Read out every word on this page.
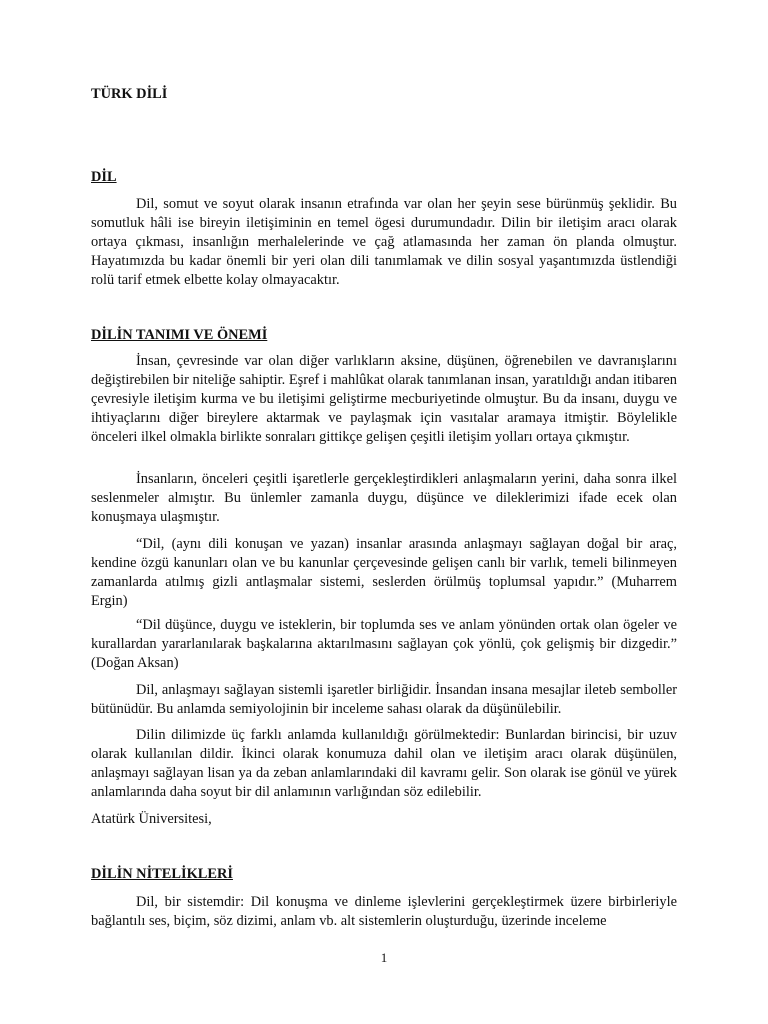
TÜRK DİLİ
DİL

Dil, somut ve soyut olarak insanın etrafında var olan her şeyin sese bürünmüş şeklidir. Bu somutluk hâli ise bireyin iletişiminin en temel ögesi durumundadır. Dilin bir iletişim aracı olarak ortaya çıkması, insanlığın merhalelerinde ve çağ atlamasında her zaman ön planda olmuştur. Hayatımızda bu kadar önemli bir yeri olan dili tanımlamak ve dilin sosyal yaşantımızda üstlendiği rolü tarif etmek elbette kolay olmayacaktır.

DİLİN TANIMI VE ÖNEMİ

İnsan, çevresinde var olan diğer varlıkların aksine, düşünen, öğrenebilen ve davranışlarını değiştirebilen bir niteliğe sahiptir. Eşref i mahlûkat olarak tanımlanan insan, yaratıldığı andan itibaren çevresiyle iletişim kurma ve bu iletişimi geliştirme mecburiyetinde olmuştur. Bu da insanı, duygu ve ihtiyaçlarını diğer bireylere aktarmak ve paylaşmak için vasıtalar aramaya itmiştir. Böylelikle önceleri ilkel olmakla birlikte sonraları gittikçe gelişen çeşitli iletişim yolları ortaya çıkmıştır.

İnsanların, önceleri çeşitli işaretlerle gerçekleştirdikleri anlaşmaların yerini, daha sonra ilkel seslenmeler almıştır. Bu ünlemler zamanla duygu, düşünce ve dileklerimizi ifade ecek olan konuşmaya ulaşmıştır.

“Dil, (aynı dili konuşan ve yazan) insanlar arasında anlaşmayı sağlayan doğal bir araç, kendine özgü kanunları olan ve bu kanunlar çerçevesinde gelişen canlı bir varlık, temeli bilinmeyen zamanlarda atılmış gizli antlaşmalar sistemi, seslerden örülmüş toplumsal yapıdır.” (Muharrem Ergin)

“Dil düşünce, duygu ve isteklerin, bir toplumda ses ve anlam yönünden ortak olan ögeler ve kurallardan yararlanılarak başkalarına aktarılmasını sağlayan çok yönlü, çok gelişmiş bir dizgedir.” (Doğan Aksan)

Dil, anlaşmayı sağlayan sistemli işaretler birliğidir. İnsandan insana mesajlar ileteb semboller bütünüdür. Bu anlamda semiyolojinin bir inceleme sahası olarak da düşünülebilir.

Dilin dilimizde üç farklı anlamda kullanıldığı görülmektedir: Bunlardan birincisi, bir uzuv olarak kullanılan dildir. İkinci olarak konumuza dahil olan ve iletişim aracı olarak düşünülen, anlaşmayı sağlayan lisan ya da zeban anlamlarındaki dil kavramı gelir. Son olarak ise gönül ve yürek anlamlarında daha soyut bir dil anlamının varlığından söz edilebilir.

Atatürk Üniversitesi,

DİLİN NİTELİKLERİ

Dil, bir sistemdir: Dil konuşma ve dinleme işlevlerini gerçekleştirmek üzere birbirleriyle bağlantılı ses, biçim, söz dizimi, anlam vb. alt sistemlerin oluşturduğu, üzerinde inceleme

1
